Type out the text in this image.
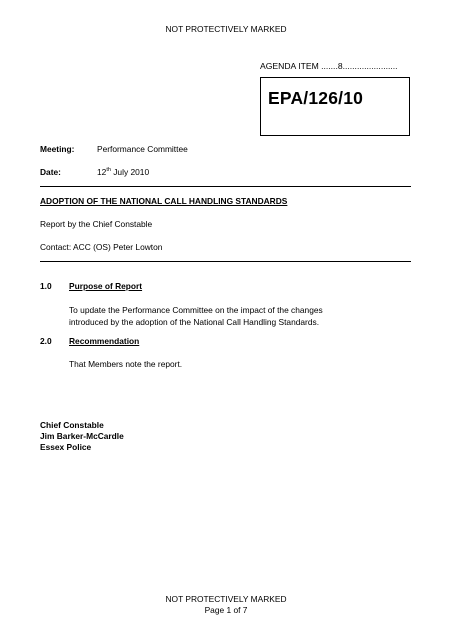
NOT PROTECTIVELY MARKED
AGENDA ITEM .......8.......................
EPA/126/10
Meeting:	Performance Committee
Date:	12th July 2010
ADOPTION OF THE NATIONAL CALL HANDLING STANDARDS
Report by the Chief Constable
Contact: ACC (OS) Peter Lowton
1.0 Purpose of Report
To update the Performance Committee on the impact of the changes
introduced by the adoption of the National Call Handling Standards.
2.0 Recommendation
That Members note the report.
Chief Constable
Jim Barker-McCardle
Essex Police
NOT PROTECTIVELY MARKED
Page 1 of 7
